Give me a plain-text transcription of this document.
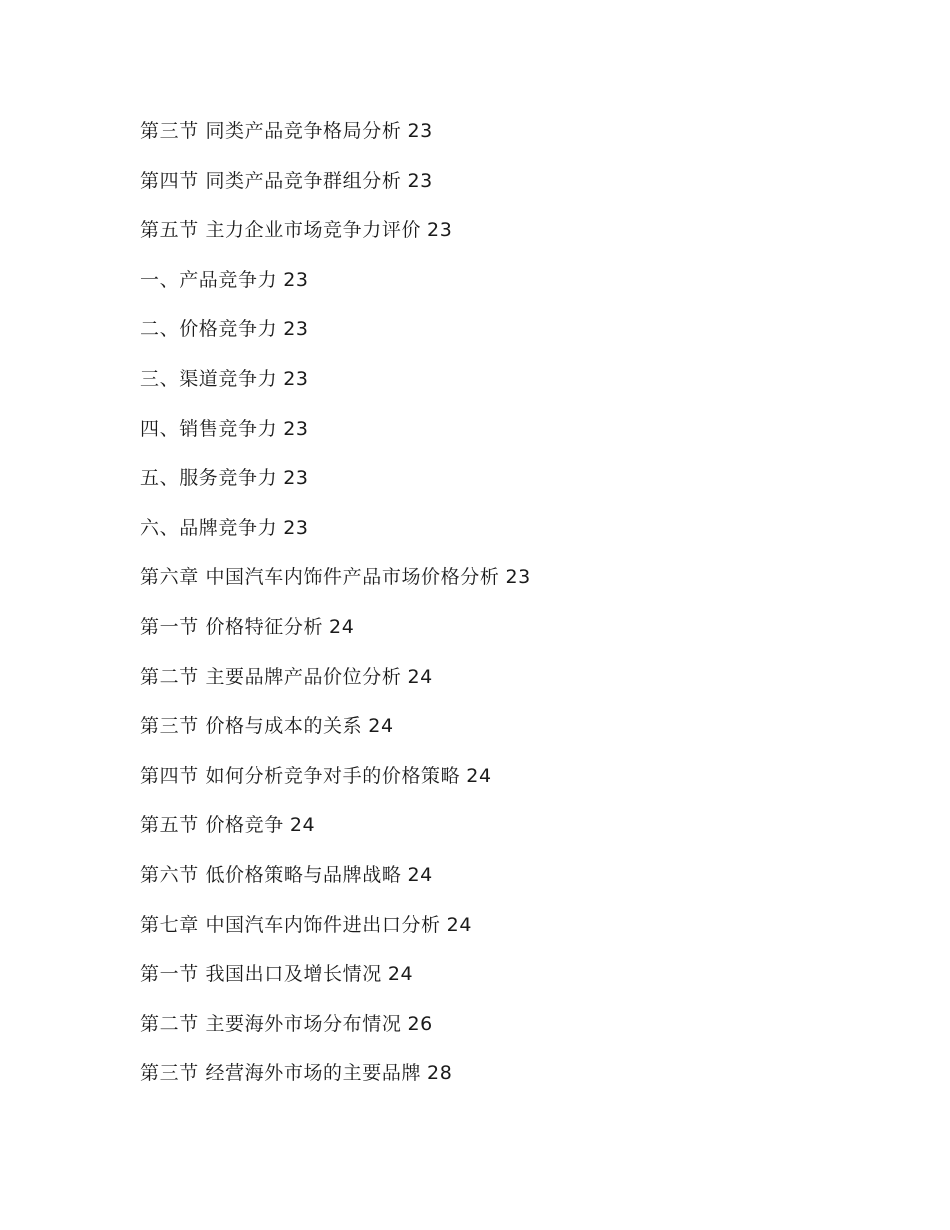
第三节 同类产品竞争格局分析 23
第四节 同类产品竞争群组分析 23
第五节 主力企业市场竞争力评价 23
一、产品竞争力 23
二、价格竞争力 23
三、渠道竞争力 23
四、销售竞争力 23
五、服务竞争力 23
六、品牌竞争力 23
第六章 中国汽车内饰件产品市场价格分析 23
第一节 价格特征分析 24
第二节 主要品牌产品价位分析 24
第三节 价格与成本的关系 24
第四节 如何分析竞争对手的价格策略 24
第五节 价格竞争 24
第六节 低价格策略与品牌战略 24
第七章 中国汽车内饰件进出口分析 24
第一节 我国出口及增长情况 24
第二节 主要海外市场分布情况 26
第三节 经营海外市场的主要品牌 28
